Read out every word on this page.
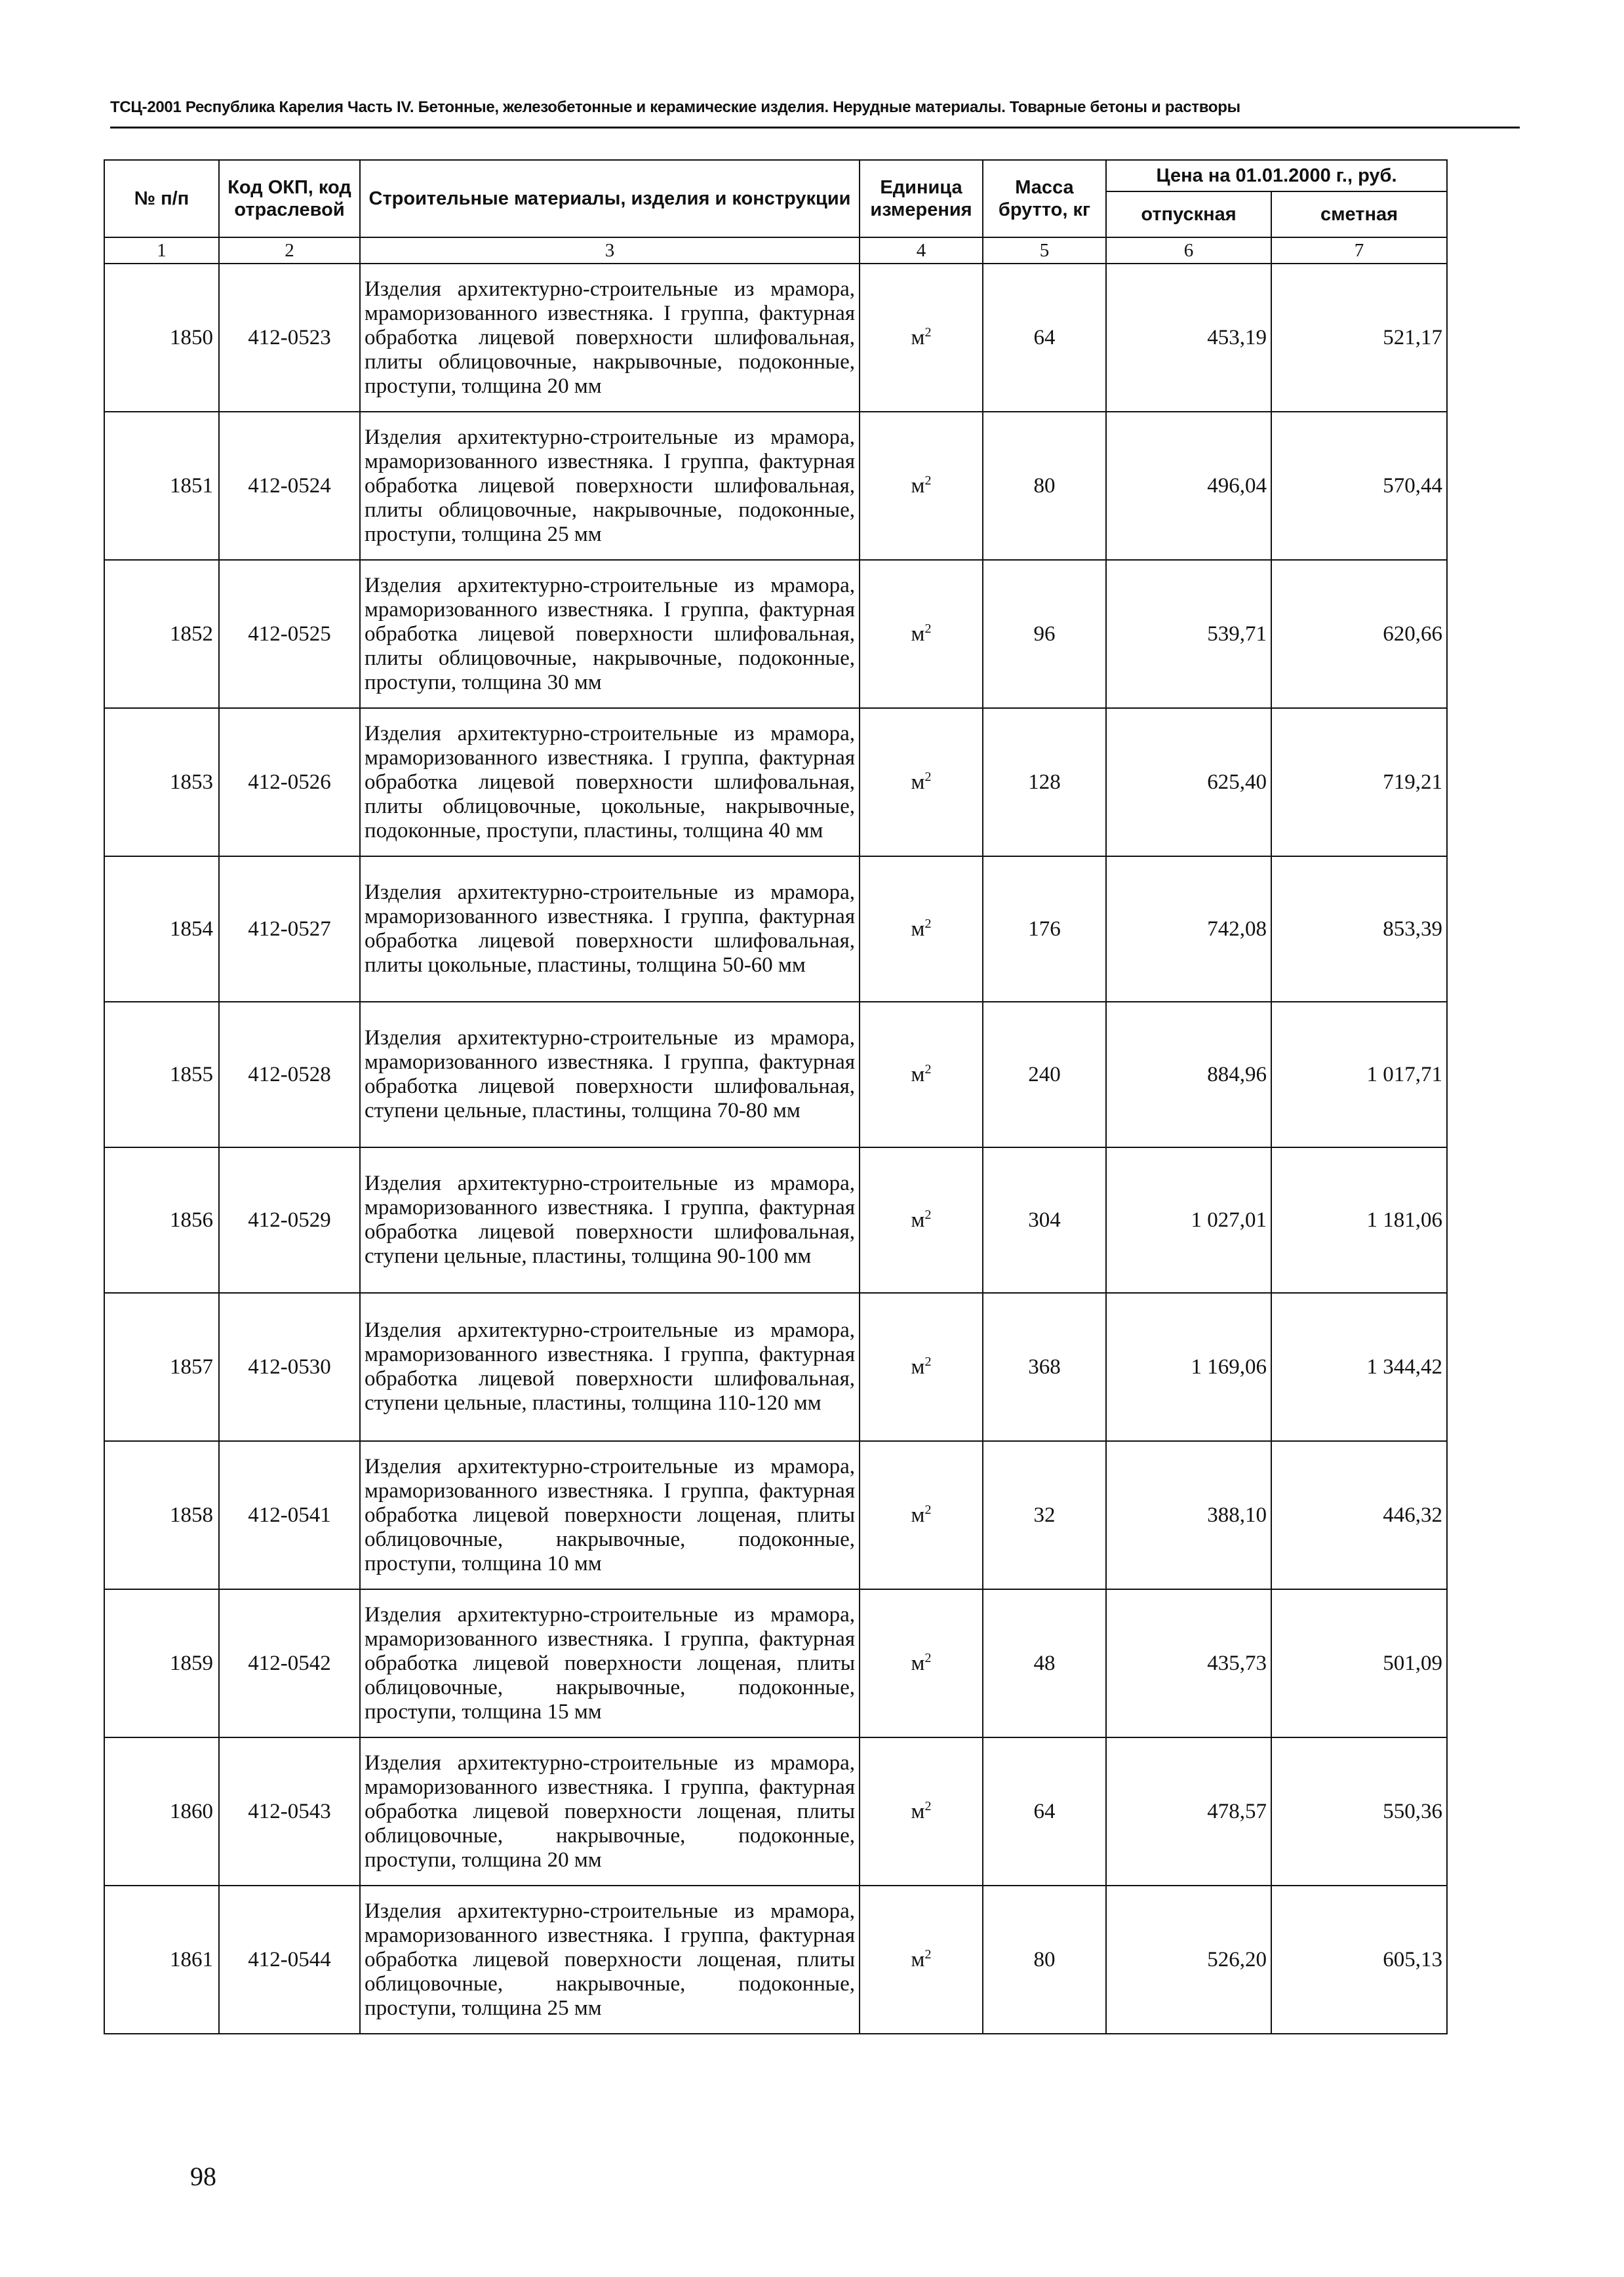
ТСЦ-2001 Республика Карелия Часть IV. Бетонные, железобетонные и керамические изделия. Нерудные материалы. Товарные бетоны и растворы
№ п/п	Код ОКП, код отраслевой	Строительные материалы, изделия и конструкции	Единица измерения	Масса брутто, кг	Цена на 01.01.2000 г., руб.	
					отпускная	сметная
1	2	3	4	5	6	7
1850	412-0523	Изделия архитектурно-строительные из мрамора, мраморизованного известняка. I группа, фактурная обработка лицевой поверхности шлифовальная, плиты облицовочные, накрывочные, подоконные, проступи, толщина 20 мм	$м^2$	64	453,19	521,17
1851	412-0524	Изделия архитектурно-строительные из мрамора, мраморизованного известняка. I группа, фактурная обработка лицевой поверхности шлифовальная, плиты облицовочные, накрывочные, подоконные, проступи, толщина 25 мм	$м^2$	80	496,04	570,44
1852	412-0525	Изделия архитектурно-строительные из мрамора, мраморизованного известняка. I группа, фактурная обработка лицевой поверхности шлифовальная, плиты облицовочные, накрывочные, подоконные, проступи, толщина 30 мм	$м^2$	96	539,71	620,66
1853	412-0526	Изделия архитектурно-строительные из мрамора, мраморизованного известняка. I группа, фактурная обработка лицевой поверхности шлифовальная, плиты облицовочные, цокольные, накрывочные, подоконные, проступи, пластины, толщина 40 мм	$м^2$	128	625,40	719,21
1854	412-0527	Изделия архитектурно-строительные из мрамора, мраморизованного известняка. I группа, фактурная обработка лицевой поверхности шлифовальная, плиты цокольные, пластины, толщина 50-60 мм	$м^2$	176	742,08	853,39
1855	412-0528	Изделия архитектурно-строительные из мрамора, мраморизованного известняка. I группа, фактурная обработка лицевой поверхности шлифовальная, ступени цельные, пластины, толщина 70-80 мм	$м^2$	240	884,96	1 017,71
1856	412-0529	Изделия архитектурно-строительные из мрамора, мраморизованного известняка. I группа, фактурная обработка лицевой поверхности шлифовальная, ступени цельные, пластины, толщина 90-100 мм	$м^2$	304	1 027,01	1 181,06
1857	412-0530	Изделия архитектурно-строительные из мрамора, мраморизованного известняка. I группа, фактурная обработка лицевой поверхности шлифовальная, ступени цельные, пластины, толщина 110-120 мм	$м^2$	368	1 169,06	1 344,42
1858	412-0541	Изделия архитектурно-строительные из мрамора, мраморизованного известняка. I группа, фактурная обработка лицевой поверхности лощеная, плиты облицовочные, накрывочные, подоконные, проступи, толщина 10 мм	$м^2$	32	388,10	446,32
1859	412-0542	Изделия архитектурно-строительные из мрамора, мраморизованного известняка. I группа, фактурная обработка лицевой поверхности лощеная, плиты облицовочные, накрывочные, подоконные, проступи, толщина 15 мм	$м^2$	48	435,73	501,09
1860	412-0543	Изделия архитектурно-строительные из мрамора, мраморизованного известняка. I группа, фактурная обработка лицевой поверхности лощеная, плиты облицовочные, накрывочные, подоконные, проступи, толщина 20 мм	$м^2$	64	478,57	550,36
1861	412-0544	Изделия архитектурно-строительные из мрамора, мраморизованного известняка. I группа, фактурная обработка лицевой поверхности лощеная, плиты облицовочные, накрывочные, подоконные, проступи, толщина 25 мм	$м^2$	80	526,20	605,13
98
